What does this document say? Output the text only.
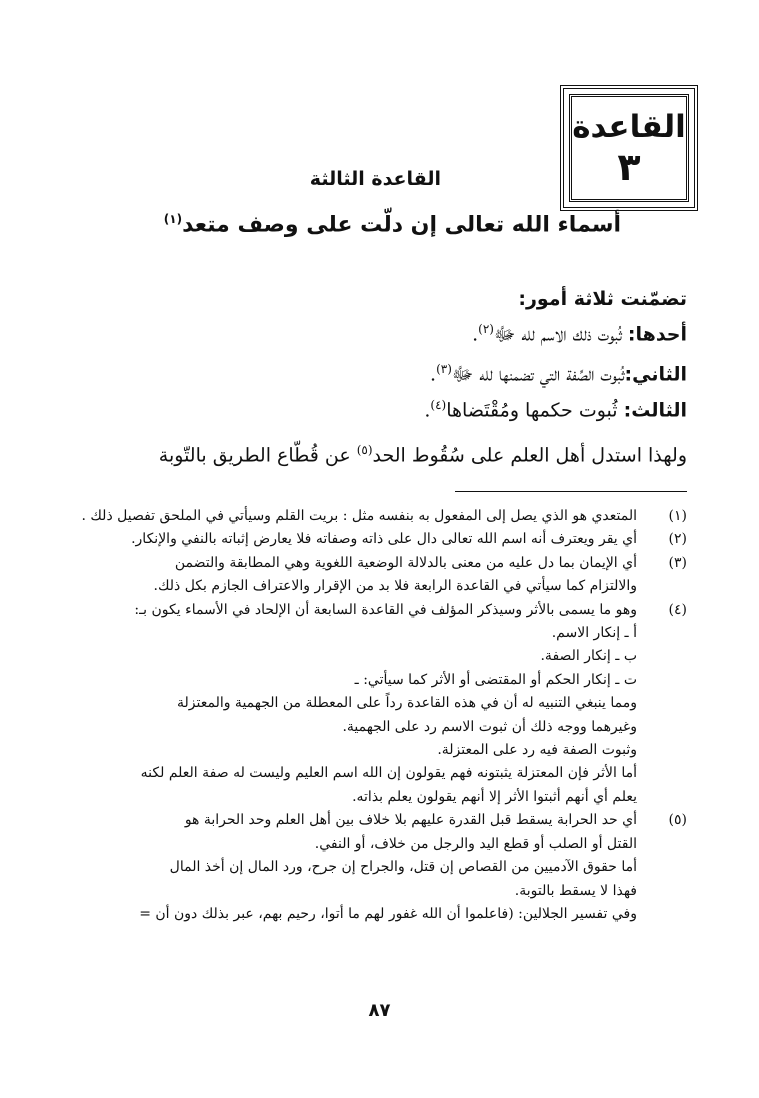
القاعدة
٣
القاعدة الثالثة
أسماء الله تعالى إن دلّت على وصف متعد$^{(١)}$
تضمّنت ثلاثة أمور:
أحدها: ثُبوت ذلك الاسم لله ﷻ$^{(٢)}$.
الثاني:ثُبوت الصِّفة التي تضمنها لله ﷻ$^{(٣)}$.
الثالث: ثُبوت حكمها ومُقْتَضاها$^{(٤)}$.
ولهذا استدل أهل العلم على سُقُوط الحد$^{(٥)}$ عن قُطّاع الطريق بالتّوبة
(١)
المتعدي هو الذي يصل إلى المفعول به بنفسه مثل : بريت القلم وسيأتي في الملحق تفصيل ذلك .
(٢)
أي يقر ويعترف أنه اسم الله تعالى دال على ذاته وصفاته فلا يعارض إثباته بالنفي والإنكار.
(٣)
أي الإيمان بما دل عليه من معنى بالدلالة الوضعية اللغوية وهي المطابقة والتضمن
والالتزام كما سيأتي في القاعدة الرابعة فلا بد من الإقرار والاعتراف الجازم بكل ذلك.
(٤)
وهو ما يسمى بالأثر وسيذكر المؤلف في القاعدة السابعة أن الإلحاد في الأسماء يكون بـ:
أ ـ إنكار الاسم.
ب ـ إنكار الصفة.
ت ـ إنكار الحكم أو المقتضى أو الأثر كما سيأتي: ـ
ومما ينبغي التنبيه له أن في هذه القاعدة رداً على المعطلة من الجهمية والمعتزلة
وغيرهما ووجه ذلك أن ثبوت الاسم رد على الجهمية.
وثبوت الصفة فيه رد على المعتزلة.
أما الأثر فإن المعتزلة يثبتونه فهم يقولون إن الله اسم العليم وليست له صفة العلم لكنه
يعلم أي أنهم أثبتوا الأثر إلا أنهم يقولون يعلم بذاته.
(٥)
أي حد الحرابة يسقط قبل القدرة عليهم بلا خلاف بين أهل العلم وحد الحرابة هو
القتل أو الصلب أو قطع اليد والرجل من خلاف، أو النفي.
أما حقوق الآدميين من القصاص إن قتل، والجراح إن جرح، ورد المال إن أخذ المال
فهذا لا يسقط بالتوبة.
وفي تفسير الجلالين: (فاعلموا أن الله غفور لهم ما أتوا، رحيم بهم، عبر بذلك دون أن =
٨٧
